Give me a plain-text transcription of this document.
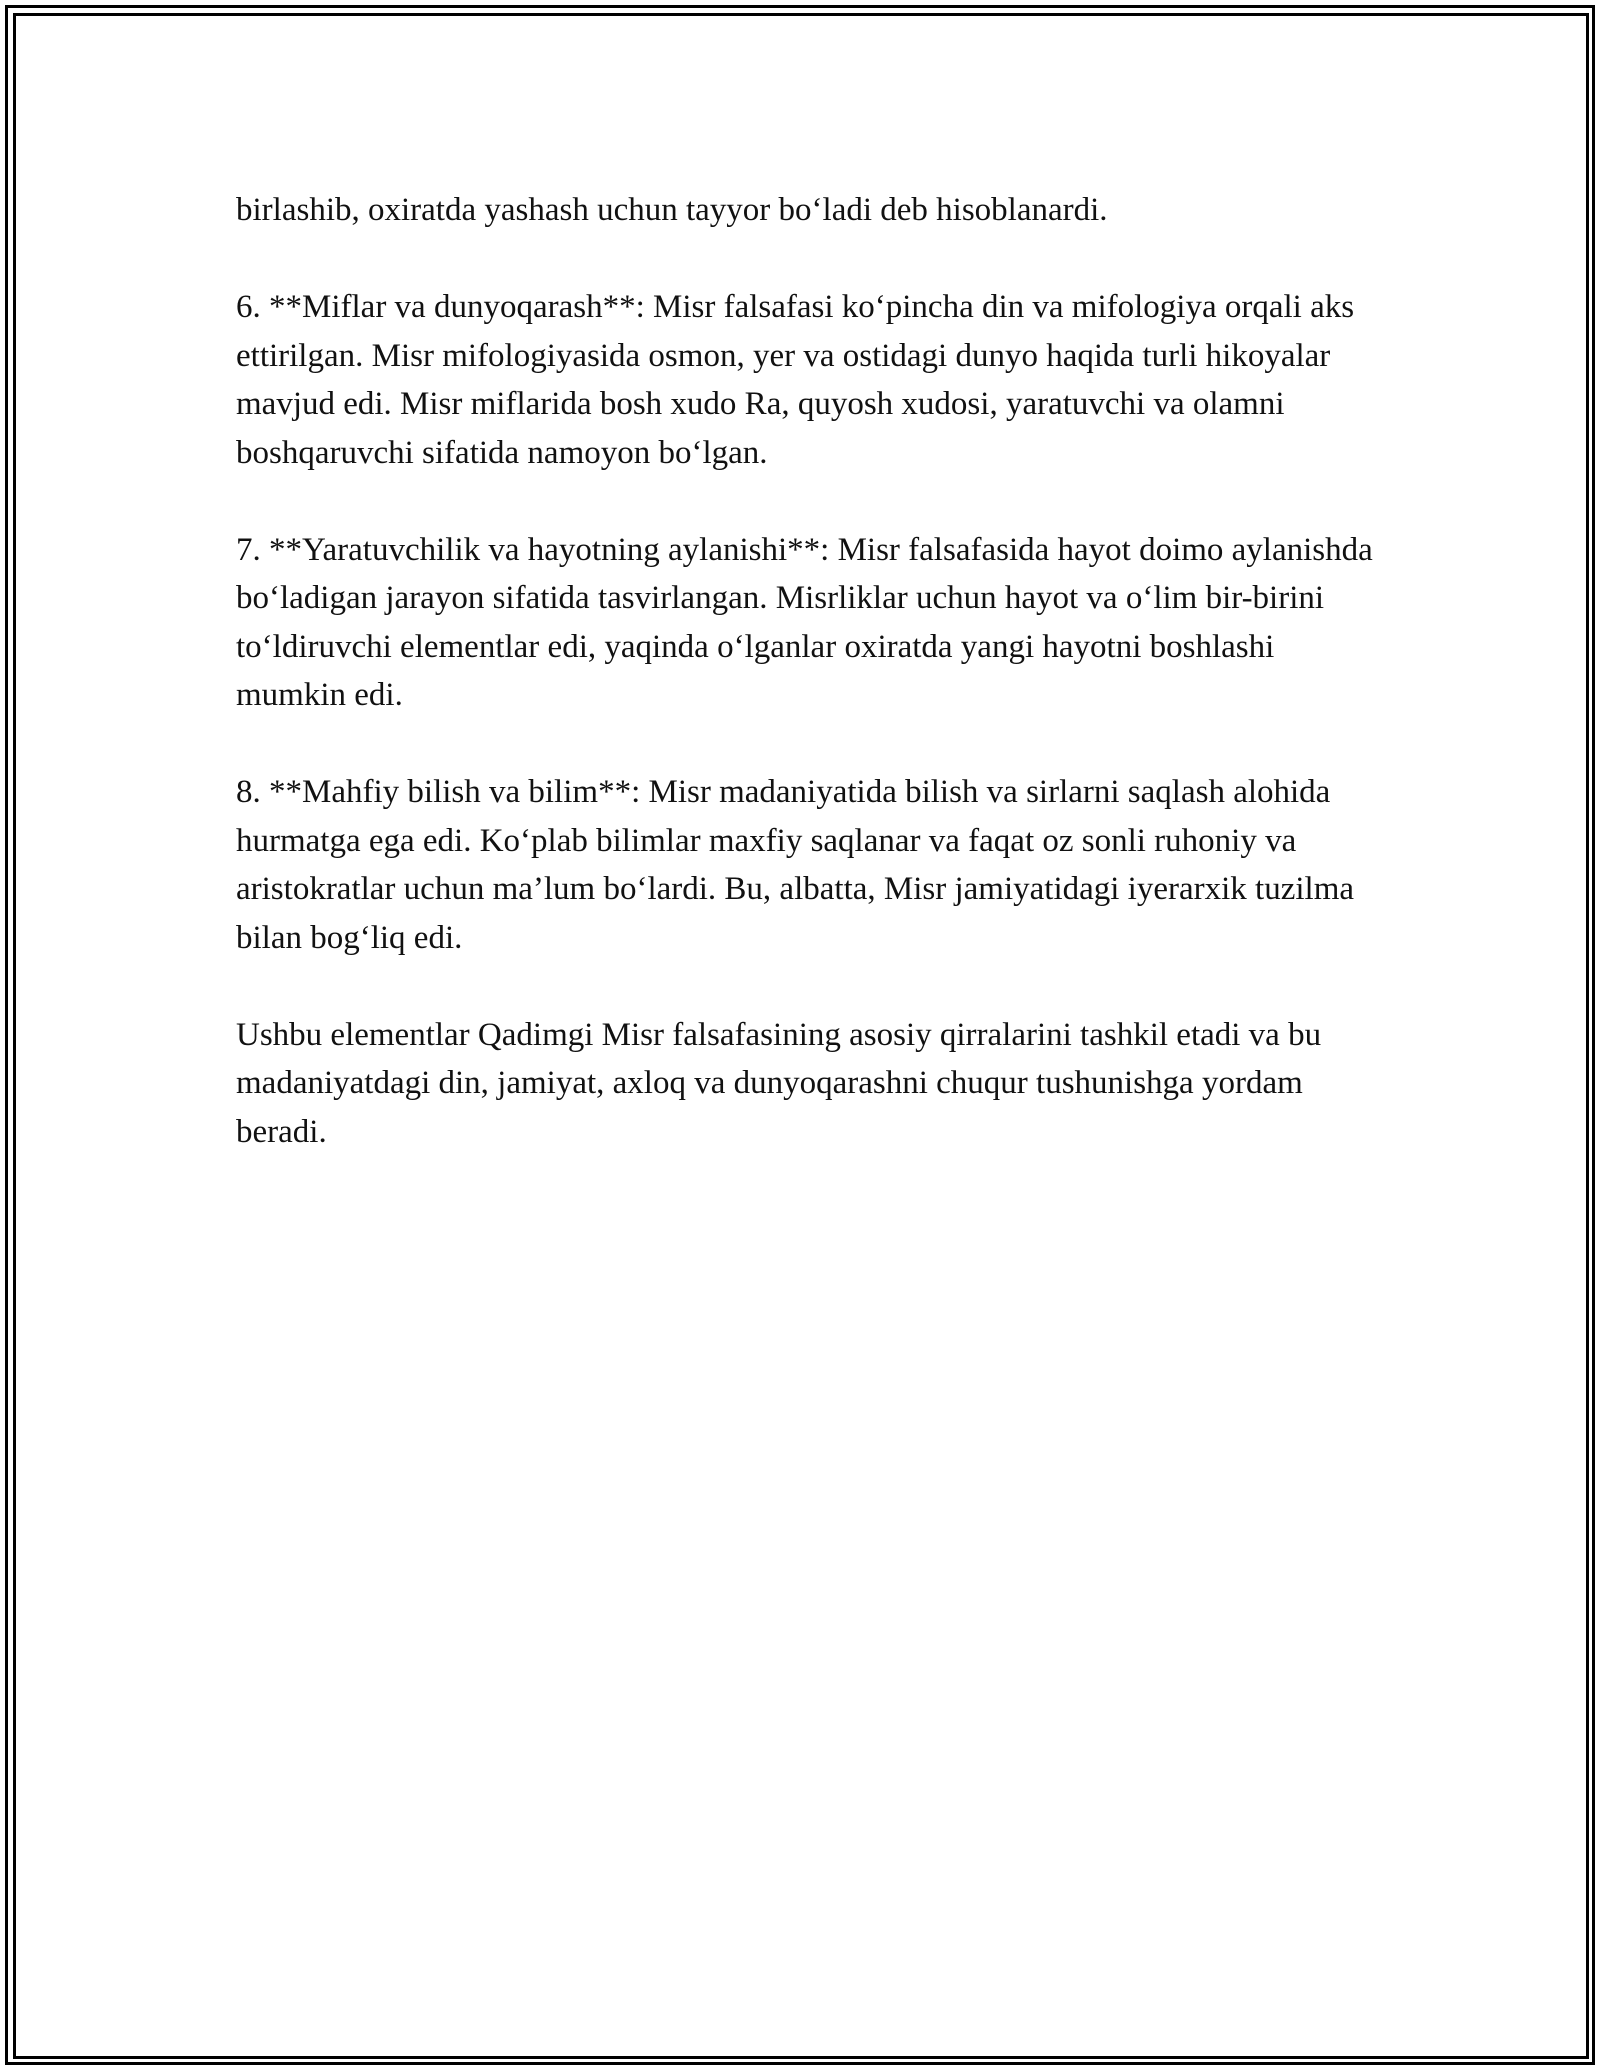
birlashib, oxiratda yashash uchun tayyor bo‘ladi deb hisoblanardi.

6. **Miflar va dunyoqarash**: Misr falsafasi ko‘pincha din va mifologiya orqali aks ettirilgan. Misr mifologiyasida osmon, yer va ostidagi dunyo haqida turli hikoyalar mavjud edi. Misr miflarida bosh xudo Ra, quyosh xudosi, yaratuvchi va olamni boshqaruvchi sifatida namoyon bo‘lgan.

7. **Yaratuvchilik va hayotning aylanishi**: Misr falsafasida hayot doimo aylanishda bo‘ladigan jarayon sifatida tasvirlangan. Misrliklar uchun hayot va o‘lim bir-birini to‘ldiruvchi elementlar edi, yaqinda o‘lganlar oxiratda yangi hayotni boshlashi mumkin edi.

8. **Mahfiy bilish va bilim**: Misr madaniyatida bilish va sirlarni saqlash alohida hurmatga ega edi. Ko‘plab bilimlar maxfiy saqlanar va faqat oz sonli ruhoniy va aristokratlar uchun ma’lum bo‘lardi. Bu, albatta, Misr jamiyatidagi iyerarxik tuzilma bilan bog‘liq edi.

Ushbu elementlar Qadimgi Misr falsafasining asosiy qirralarini tashkil etadi va bu madaniyatdagi din, jamiyat, axloq va dunyoqarashni chuqur tushunishga yordam beradi.
